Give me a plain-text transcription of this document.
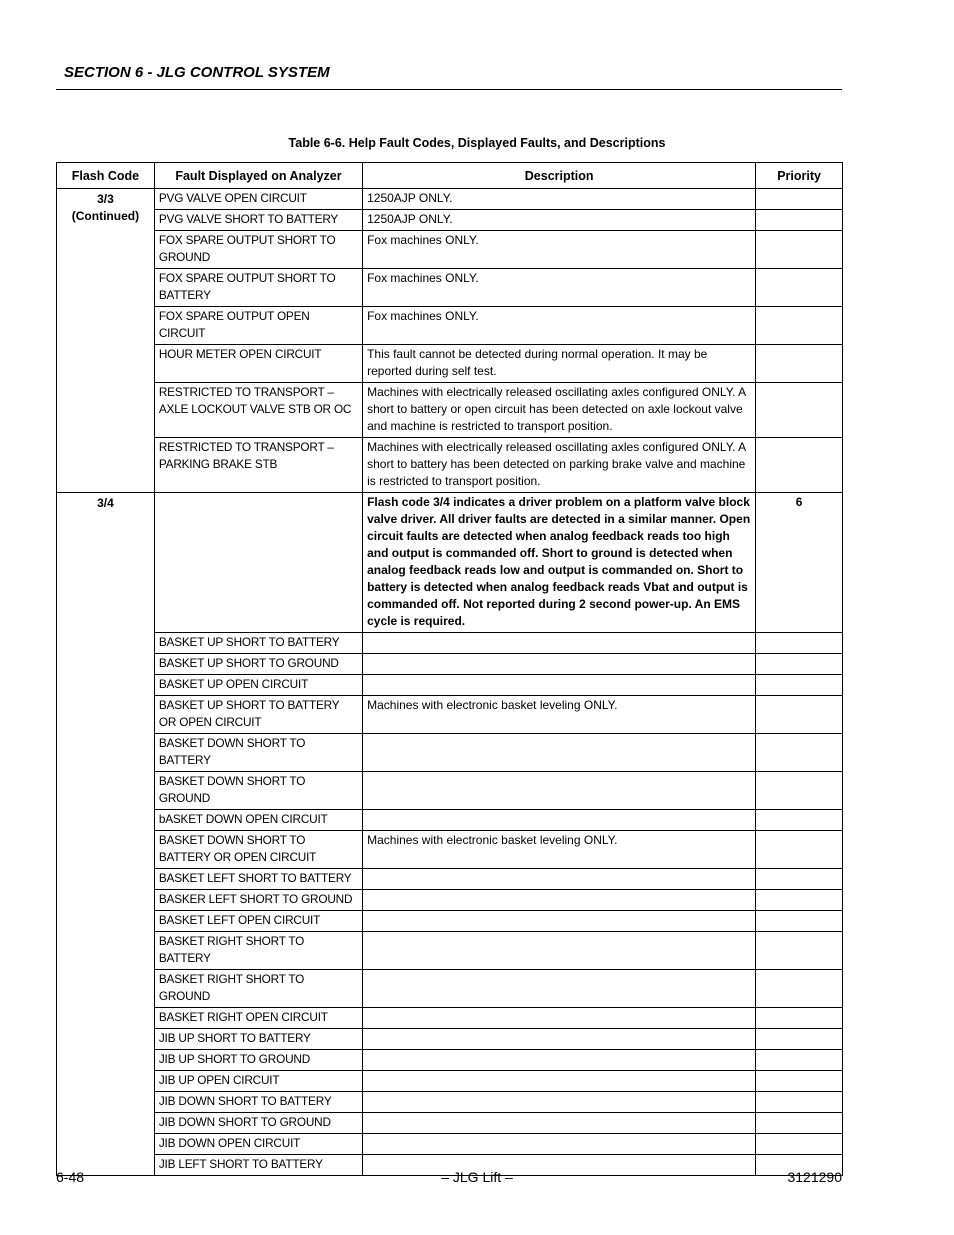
SECTION 6 - JLG CONTROL SYSTEM
Table 6-6. Help Fault Codes, Displayed Faults, and Descriptions
Flash Code	Fault Displayed on Analyzer	Description	Priority

3/3
(Continued)	PVG VALVE OPEN CIRCUIT	1250AJP ONLY.	
	PVG VALVE SHORT TO BATTERY	1250AJP ONLY.	
	FOX SPARE OUTPUT SHORT TO GROUND	Fox machines ONLY.	
	FOX SPARE OUTPUT SHORT TO BATTERY	Fox machines ONLY.	
	FOX SPARE OUTPUT OPEN CIRCUIT	Fox machines ONLY.	
	HOUR METER OPEN CIRCUIT	This fault cannot be detected during normal operation. It may be reported during self test.	
	RESTRICTED TO TRANSPORT – AXLE LOCKOUT VALVE STB OR OC	Machines with electrically released oscillating axles configured ONLY. A short to battery or open circuit has been detected on axle lockout valve and machine is restricted to transport position.	
	RESTRICTED TO TRANSPORT – PARKING BRAKE STB	Machines with electrically released oscillating axles configured ONLY. A short to battery has been detected on parking brake valve and machine is restricted to transport position.	
3/4		Flash code 3/4 indicates a driver problem on a platform valve block valve driver. All driver faults are detected in a similar manner. Open circuit faults are detected when analog feedback reads too high and output is commanded off. Short to ground is detected when analog feedback reads low and output is commanded on. Short to battery is detected when analog feedback reads Vbat and output is commanded off. Not reported during 2 second power-up. An EMS cycle is required.	6
	BASKET UP SHORT TO BATTERY		
	BASKET UP SHORT TO GROUND		
	BASKET UP OPEN CIRCUIT		
	BASKET UP SHORT TO BATTERY OR OPEN CIRCUIT	Machines with electronic basket leveling ONLY.	
	BASKET DOWN SHORT TO BATTERY		
	BASKET DOWN SHORT TO GROUND		
	bASKET DOWN OPEN CIRCUIT		
	BASKET DOWN SHORT TO BATTERY OR OPEN CIRCUIT	Machines with electronic basket leveling ONLY.	
	BASKET LEFT SHORT TO BATTERY		
	BASKER LEFT SHORT TO GROUND		
	BASKET LEFT OPEN CIRCUIT		
	BASKET RIGHT SHORT TO BATTERY		
	BASKET RIGHT SHORT TO GROUND		
	BASKET RIGHT OPEN CIRCUIT		
	JIB UP SHORT TO BATTERY		
	JIB UP SHORT TO GROUND		
	JIB UP OPEN CIRCUIT		
	JIB DOWN SHORT TO BATTERY		
	JIB DOWN SHORT TO GROUND		
	JIB DOWN OPEN CIRCUIT		
	JIB LEFT SHORT TO BATTERY		
6-48	– JLG Lift –	3121290
